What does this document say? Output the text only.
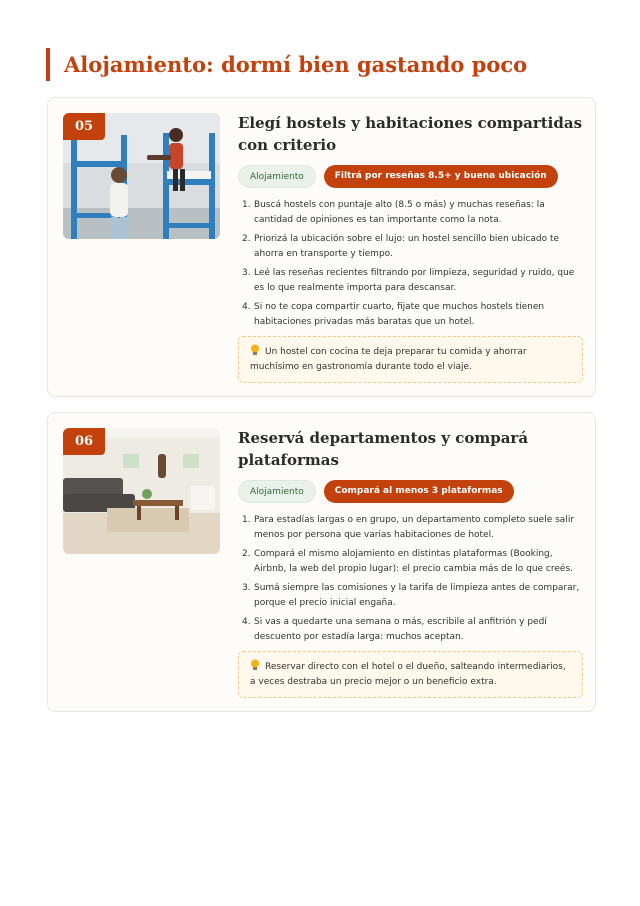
Alojamiento: dormí bien gastando poco
05	Elegí hostels y habitaciones compartidas con criterio
Alojamiento	Filtrá por reseñas 8.5+ y buena ubicación
Buscá hostels con puntaje alto (8.5 o más) y muchas reseñas: la cantidad de opiniones es tan importante como la nota.
Priorizá la ubicación sobre el lujo: un hostel sencillo bien ubicado te ahorra en transporte y tiempo.
Leé las reseñas recientes filtrando por limpieza, seguridad y ruido, que es lo que realmente importa para descansar.
Si no te copa compartir cuarto, fijate que muchos hostels tienen habitaciones privadas más baratas que un hotel.
Un hostel con cocina te deja preparar tu comida y ahorrar muchísimo en gastronomía durante todo el viaje.
06	Reservá departamentos y compará plataformas
Alojamiento	Compará al menos 3 plataformas
Para estadías largas o en grupo, un departamento completo suele salir menos por persona que varias habitaciones de hotel.
Compará el mismo alojamiento en distintas plataformas (Booking, Airbnb, la web del propio lugar): el precio cambia más de lo que creés.
Sumá siempre las comisiones y la tarifa de limpieza antes de comparar, porque el precio inicial engaña.
Si vas a quedarte una semana o más, escribile al anfitrión y pedí descuento por estadía larga: muchos aceptan.
Reservar directo con el hotel o el dueño, salteando intermediarios, a veces destraba un precio mejor o un beneficio extra.
